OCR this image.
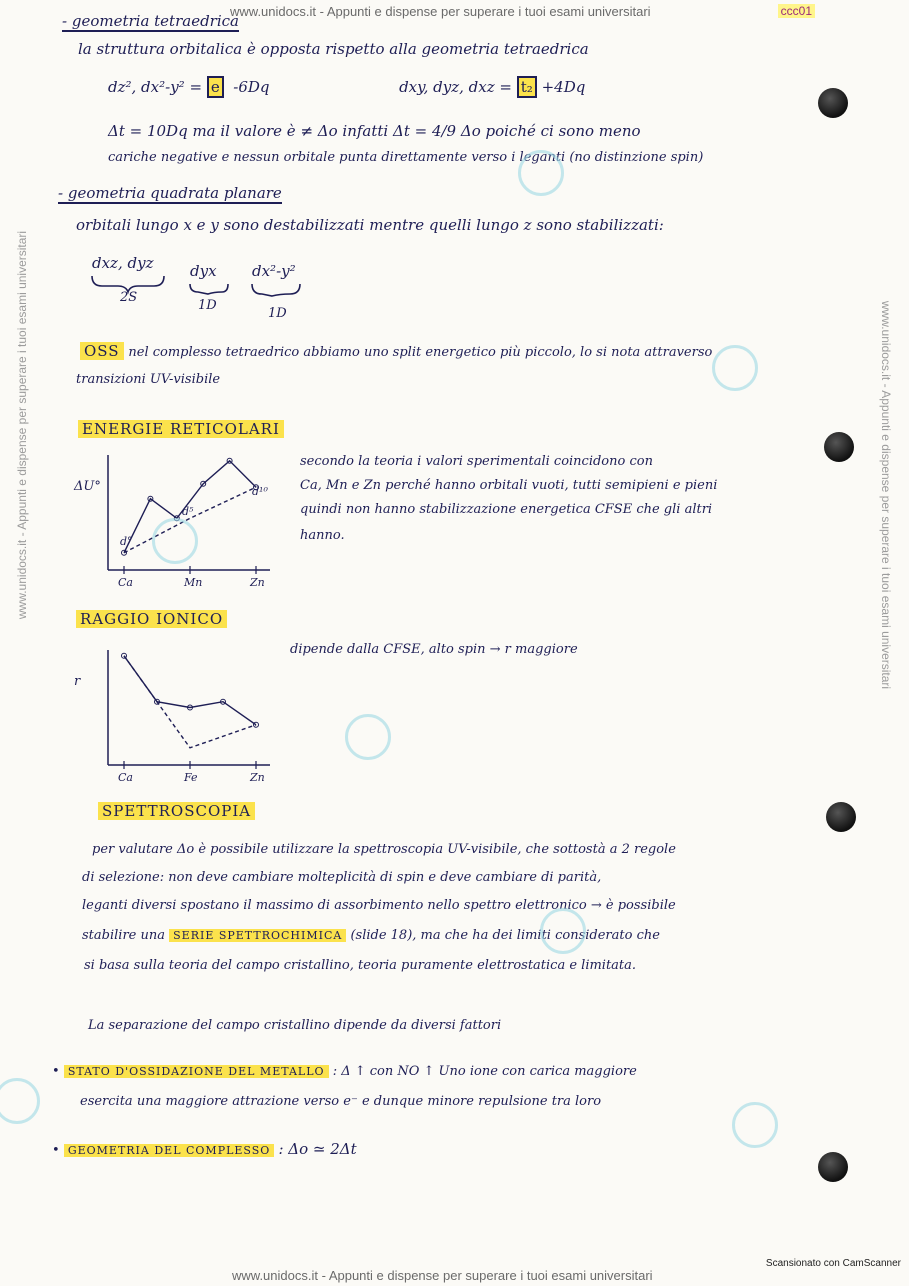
www.unidocs.it - Appunti e dispense per superare i tuoi esami universitari	ccc01
www.unidocs.it - Appunti e dispense per superare i tuoi esami universitari	www.unidocs.it - Appunti e dispense per superare i tuoi esami universitari
- geometria tetraedrica
la struttura orbitalica è opposta rispetto alla geometria tetraedrica
dz², dx²-y² = e -6Dq	dxy, dyz, dxz = t₂ +4Dq
Δt = 10Dq ma il valore è ≠ Δo infatti Δt = 4/9 Δo poiché ci sono meno
cariche negative e nessun orbitale punta direttamente verso i leganti (no distinzione spin)
- geometria quadrata planare
orbitali lungo x e y sono destabilizzati mentre quelli lungo z sono stabilizzati:
dxz, dyz
2S
dyx
1D
dx²-y²
1D
OSS nel complesso tetraedrico abbiamo uno split energetico più piccolo, lo si nota attraverso
transizioni UV-visibile
ENERGIE RETICOLARI
secondo la teoria i valori sperimentali coincidono con
Ca, Mn e Zn perché hanno orbitali vuoti, tutti semipieni e pieni
quindi non hanno stabilizzazione energetica CFSE che gli altri
hanno.
ΔU°
Ca	Mn	Zn
d°
d⁵
d¹⁰
RAGGIO IONICO
dipende dalla CFSE, alto spin → r maggiore
r
Ca	Fe	Zn
SPETTROSCOPIA
per valutare Δo è possibile utilizzare la spettroscopia UV-visibile, che sottostà a 2 regole
di selezione: non deve cambiare molteplicità di spin e deve cambiare di parità,
leganti diversi spostano il massimo di assorbimento nello spettro elettronico → è possibile
stabilire una SERIE SPETTROCHIMICA (slide 18), ma che ha dei limiti considerato che
si basa sulla teoria del campo cristallino, teoria puramente elettrostatica e limitata.
La separazione del campo cristallino dipende da diversi fattori
• STATO D'OSSIDAZIONE DEL METALLO : Δ ↑ con NO ↑ Uno ione con carica maggiore
esercita una maggiore attrazione verso e⁻ e dunque minore repulsione tra loro
• GEOMETRIA DEL COMPLESSO : Δo ≃ 2Δt
www.unidocs.it - Appunti e dispense per superare i tuoi esami universitari
Scansionato con CamScanner
